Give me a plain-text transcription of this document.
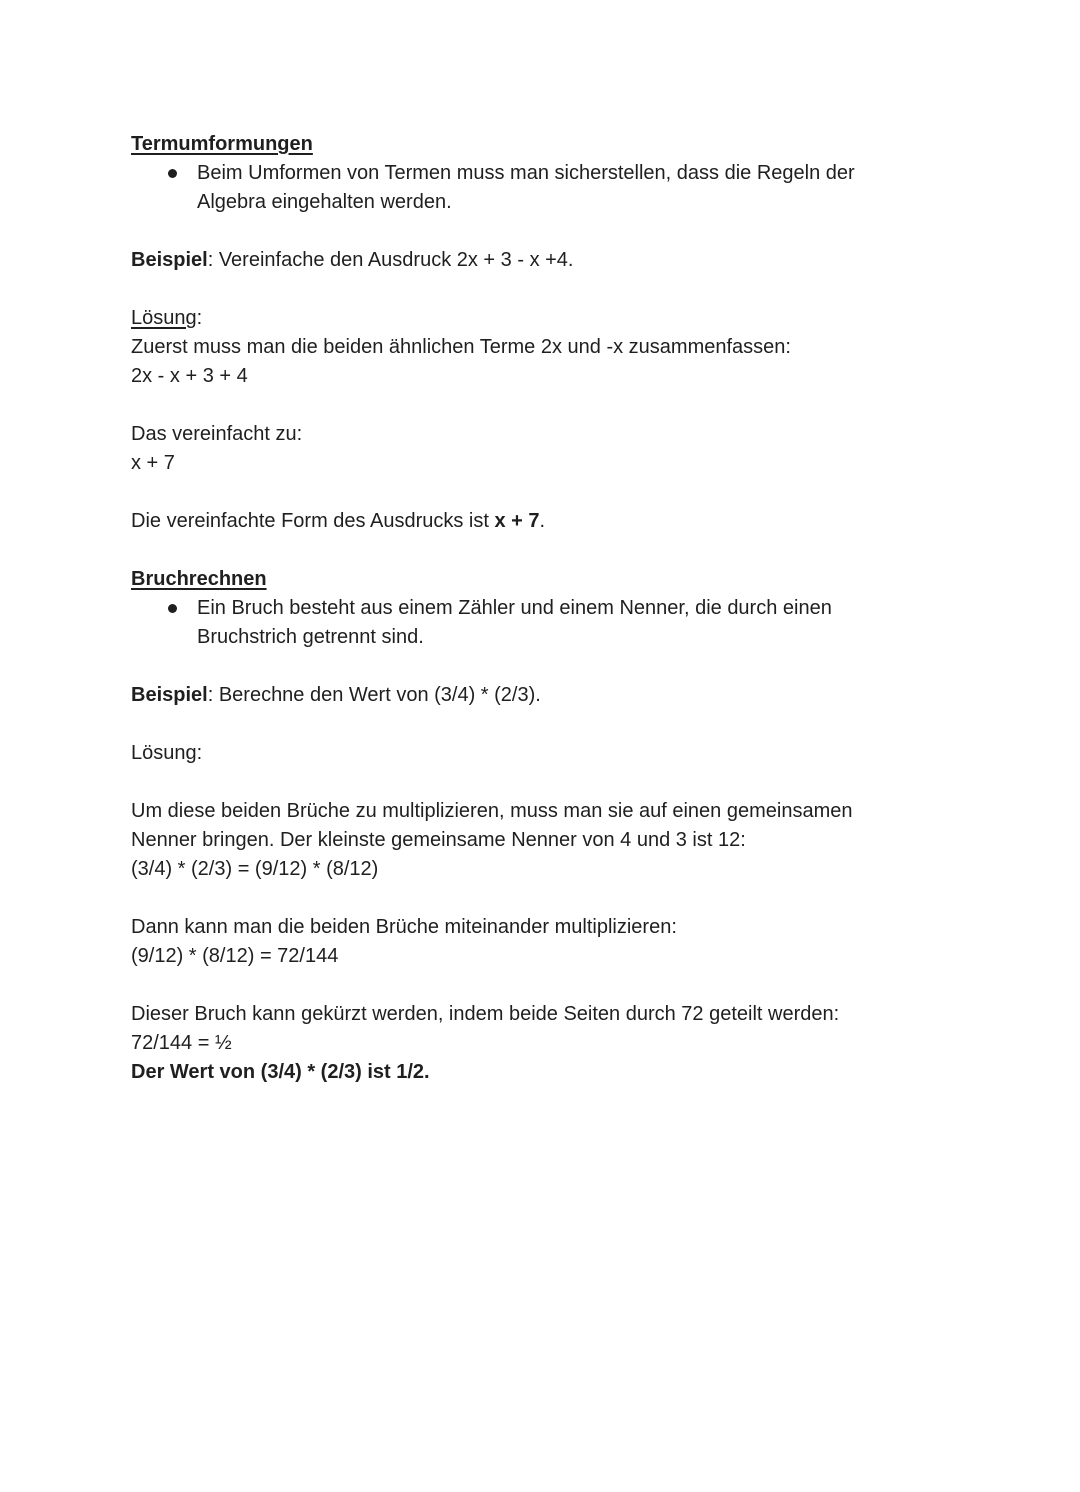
Termumformungen
Beim Umformen von Termen muss man sicherstellen, dass die Regeln der
Algebra eingehalten werden.
Beispiel: Vereinfache den Ausdruck 2x + 3 - x +4.
Lösung:
Zuerst muss man die beiden ähnlichen Terme 2x und -x zusammenfassen:
2x - x + 3 + 4
Das vereinfacht zu:
x + 7
Die vereinfachte Form des Ausdrucks ist x + 7.
Bruchrechnen
Ein Bruch besteht aus einem Zähler und einem Nenner, die durch einen
Bruchstrich getrennt sind.
Beispiel: Berechne den Wert von (3/4) * (2/3).
Lösung:
Um diese beiden Brüche zu multiplizieren, muss man sie auf einen gemeinsamen
Nenner bringen. Der kleinste gemeinsame Nenner von 4 und 3 ist 12:
(3/4) * (2/3) = (9/12) * (8/12)
Dann kann man die beiden Brüche miteinander multiplizieren:
(9/12) * (8/12) = 72/144
Dieser Bruch kann gekürzt werden, indem beide Seiten durch 72 geteilt werden:
72/144 = ½
Der Wert von (3/4) * (2/3) ist 1/2.
